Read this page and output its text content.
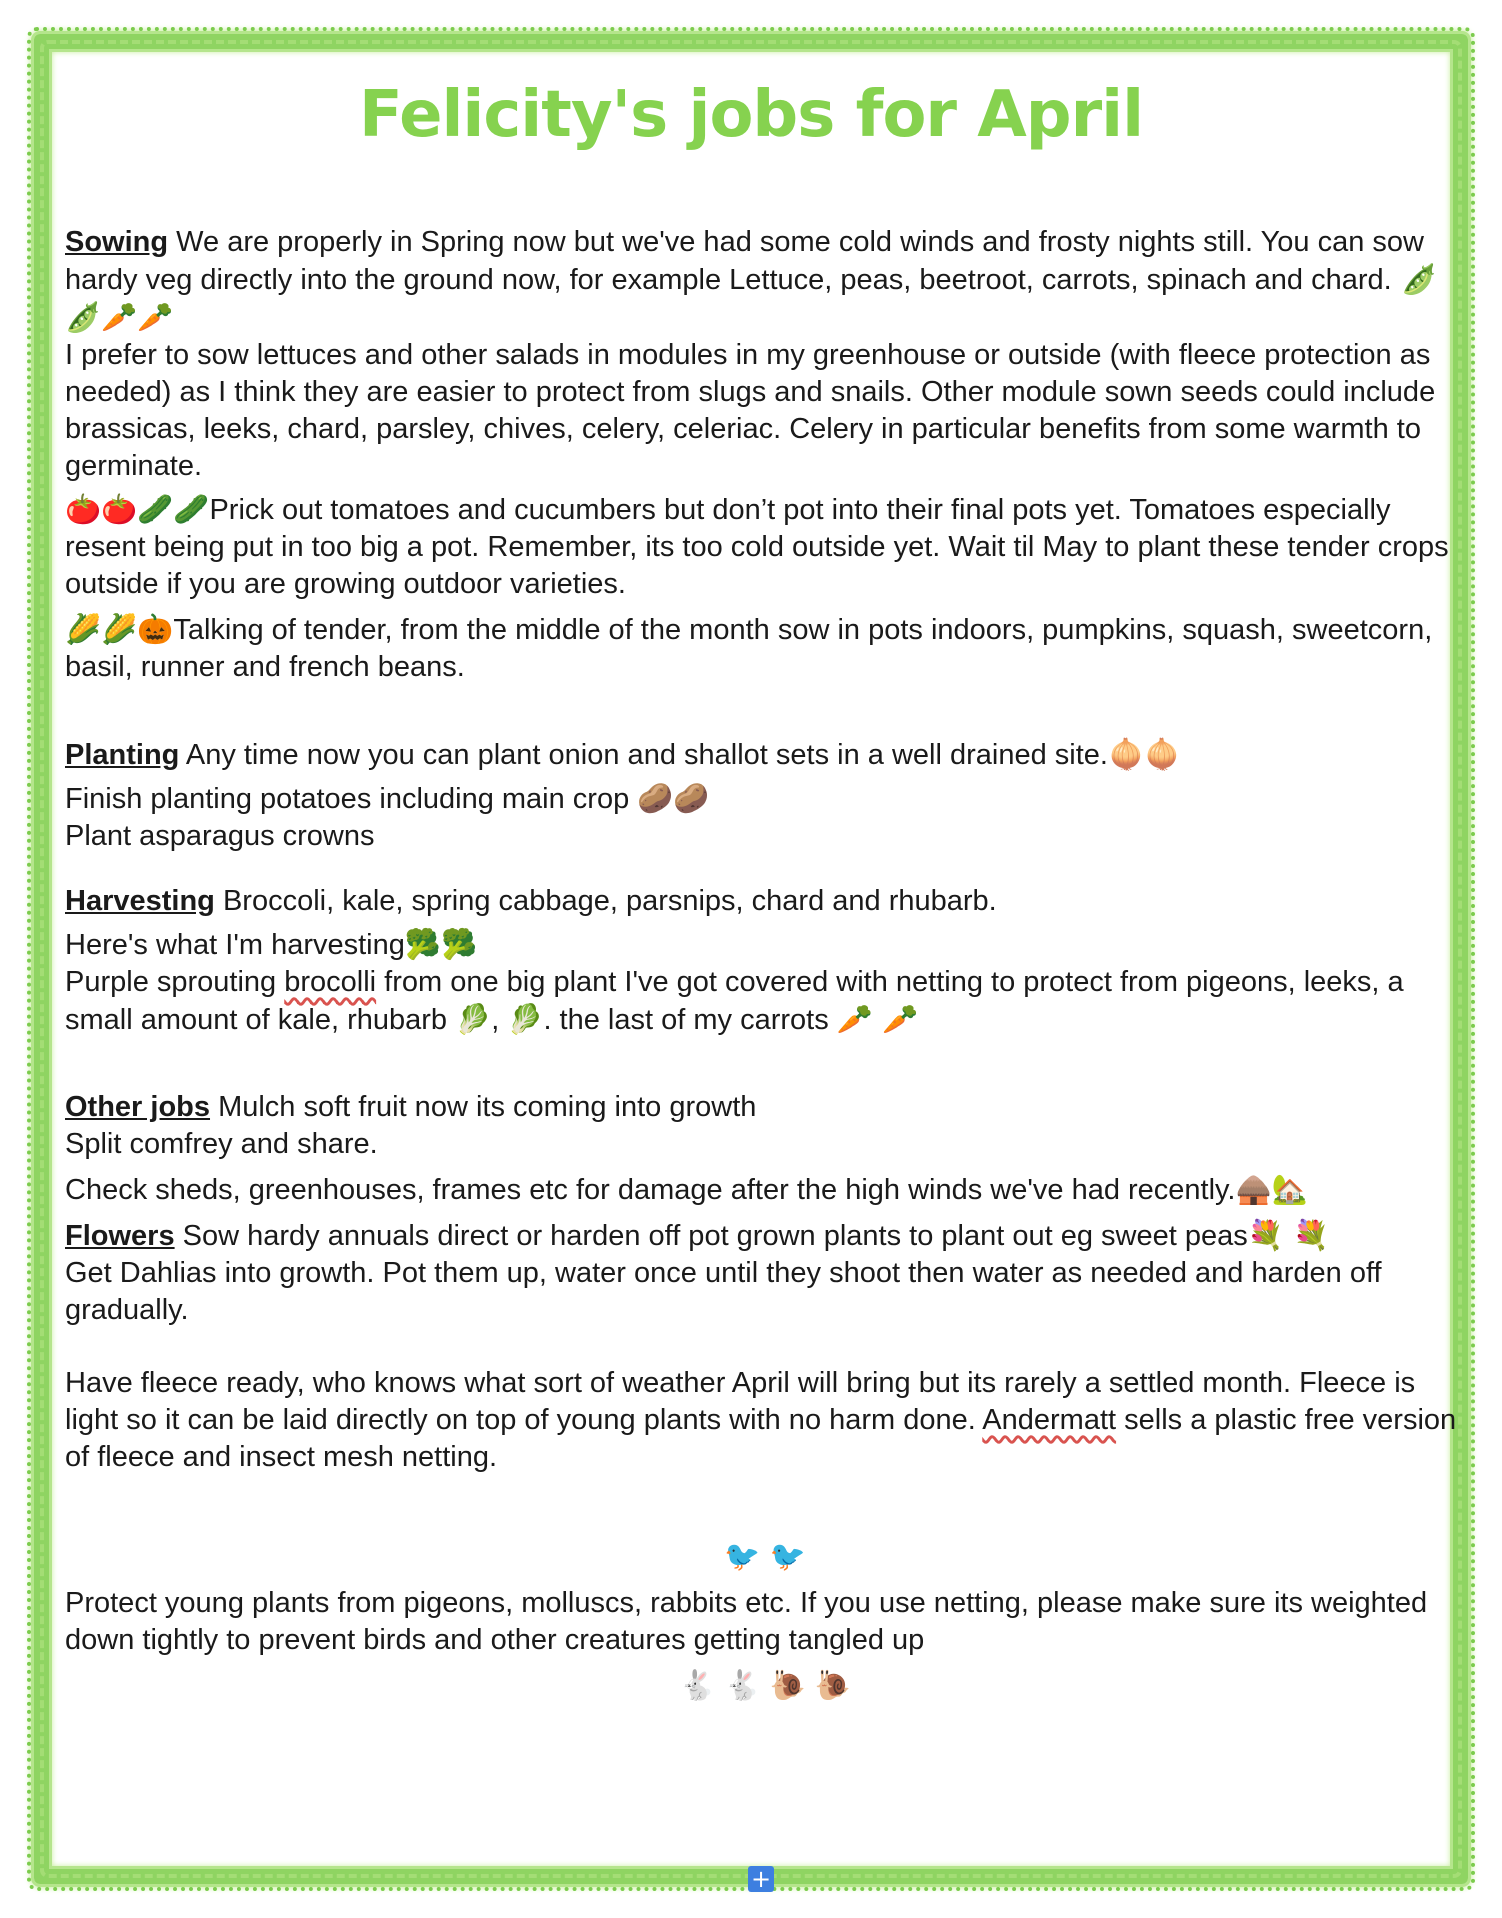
Felicity's jobs for April

Sowing We are properly in Spring now but we've had some cold winds and frosty nights still. You can sow hardy veg directly into the ground now, for example Lettuce, peas, beetroot, carrots, spinach and chard. 🫛🫛🥕🥕

I prefer to sow lettuces and other salads in modules in my greenhouse or outside (with fleece protection as needed) as I think they are easier to protect from slugs and snails. Other module sown seeds could include brassicas, leeks, chard, parsley, chives, celery, celeriac. Celery in particular benefits from some warmth to germinate.

🍅🍅🥒🥒Prick out tomatoes and cucumbers but don’t pot into their final pots yet. Tomatoes especially resent being put in too big a pot. Remember, its too cold outside yet. Wait til May to plant these tender crops outside if you are growing outdoor varieties.

🌽🌽🎃Talking of tender, from the middle of the month sow in pots indoors, pumpkins, squash, sweetcorn, basil, runner and french beans.

Planting Any time now you can plant onion and shallot sets in a well drained site.🧅🧅

Finish planting potatoes including main crop 🥔🥔

Plant asparagus crowns

Harvesting Broccoli, kale, spring cabbage, parsnips, chard and rhubarb.

Here's what I'm harvesting🥦🥦

Purple sprouting brocolli from one big plant I've got covered with netting to protect from pigeons, leeks, a small amount of kale, rhubarb 🥬, 🥬. the last of my carrots 🥕 🥕

Other jobs Mulch soft fruit now its coming into growth

Split comfrey and share.

Check sheds, greenhouses, frames etc for damage after the high winds we've had recently.🛖🏡

Flowers Sow hardy annuals direct or harden off pot grown plants to plant out eg sweet peas💐 💐

Get Dahlias into growth. Pot them up, water once until they shoot then water as needed and harden off gradually.

Have fleece ready, who knows what sort of weather April will bring but its rarely a settled month. Fleece is light so it can be laid directly on top of young plants with no harm done. Andermatt sells a plastic free version of fleece and insect mesh netting.

🐦 🐦

Protect young plants from pigeons, molluscs, rabbits etc. If you use netting, please make sure its weighted down tightly to prevent birds and other creatures getting tangled up

🐇 🐇 🐌 🐌
+
